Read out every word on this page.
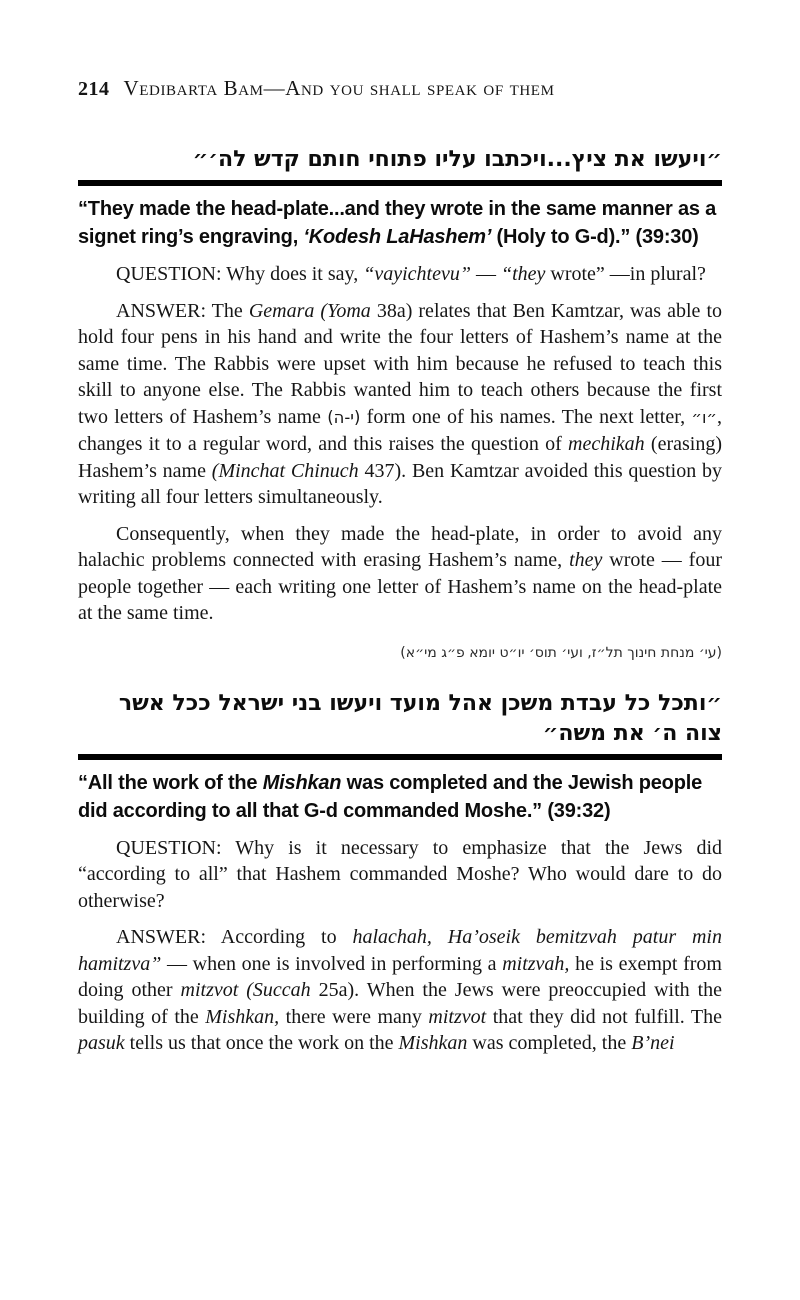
214 Vedibarta Bam—And you shall speak of them
״ויעשו את ציץ...ויכתבו עליו פתוחי חותם קדש לה׳״

“They made the head-plate...and they wrote in the same manner as a signet ring’s engraving, ‘Kodesh LaHashem’ (Holy to G-d).” (39:30)

QUESTION: Why does it say, “vayichtevu” — “they wrote” —in plural?

ANSWER: The Gemara (Yoma 38a) relates that Ben Kamtzar, was able to hold four pens in his hand and write the four letters of Hashem’s name at the same time. The Rabbis were upset with him because he refused to teach this skill to anyone else. The Rabbis wanted him to teach others because the first two letters of Hashem’s name (י-ה) form one of his names. The next letter, ״ו״, changes it to a regular word, and this raises the question of mechikah (erasing) Hashem’s name (Minchat Chinuch 437). Ben Kamtzar avoided this question by writing all four letters simultaneously.

Consequently, when they made the head-plate, in order to avoid any halachic problems connected with erasing Hashem’s name, they wrote — four people together — each writing one letter of Hashem’s name on the head-plate at the same time.

(עי׳ מנחת חינוך תל״ז, ועי׳ תוס׳ יו״ט יומא פ״ג מי״א)

״ותכל כל עבדת משכן אהל מועד ויעשו בני ישראל ככל אשר צוה ה׳ את משה״

“All the work of the Mishkan was completed and the Jewish people did according to all that G-d commanded Moshe.” (39:32)

QUESTION: Why is it necessary to emphasize that the Jews did “according to all” that Hashem commanded Moshe? Who would dare to do otherwise?

ANSWER: According to halachah, Ha’oseik bemitzvah patur min hamitzva” — when one is involved in performing a mitzvah, he is exempt from doing other mitzvot (Succah 25a). When the Jews were preoccupied with the building of the Mishkan, there were many mitzvot that they did not fulfill. The pasuk tells us that once the work on the Mishkan was completed, the B’nei
